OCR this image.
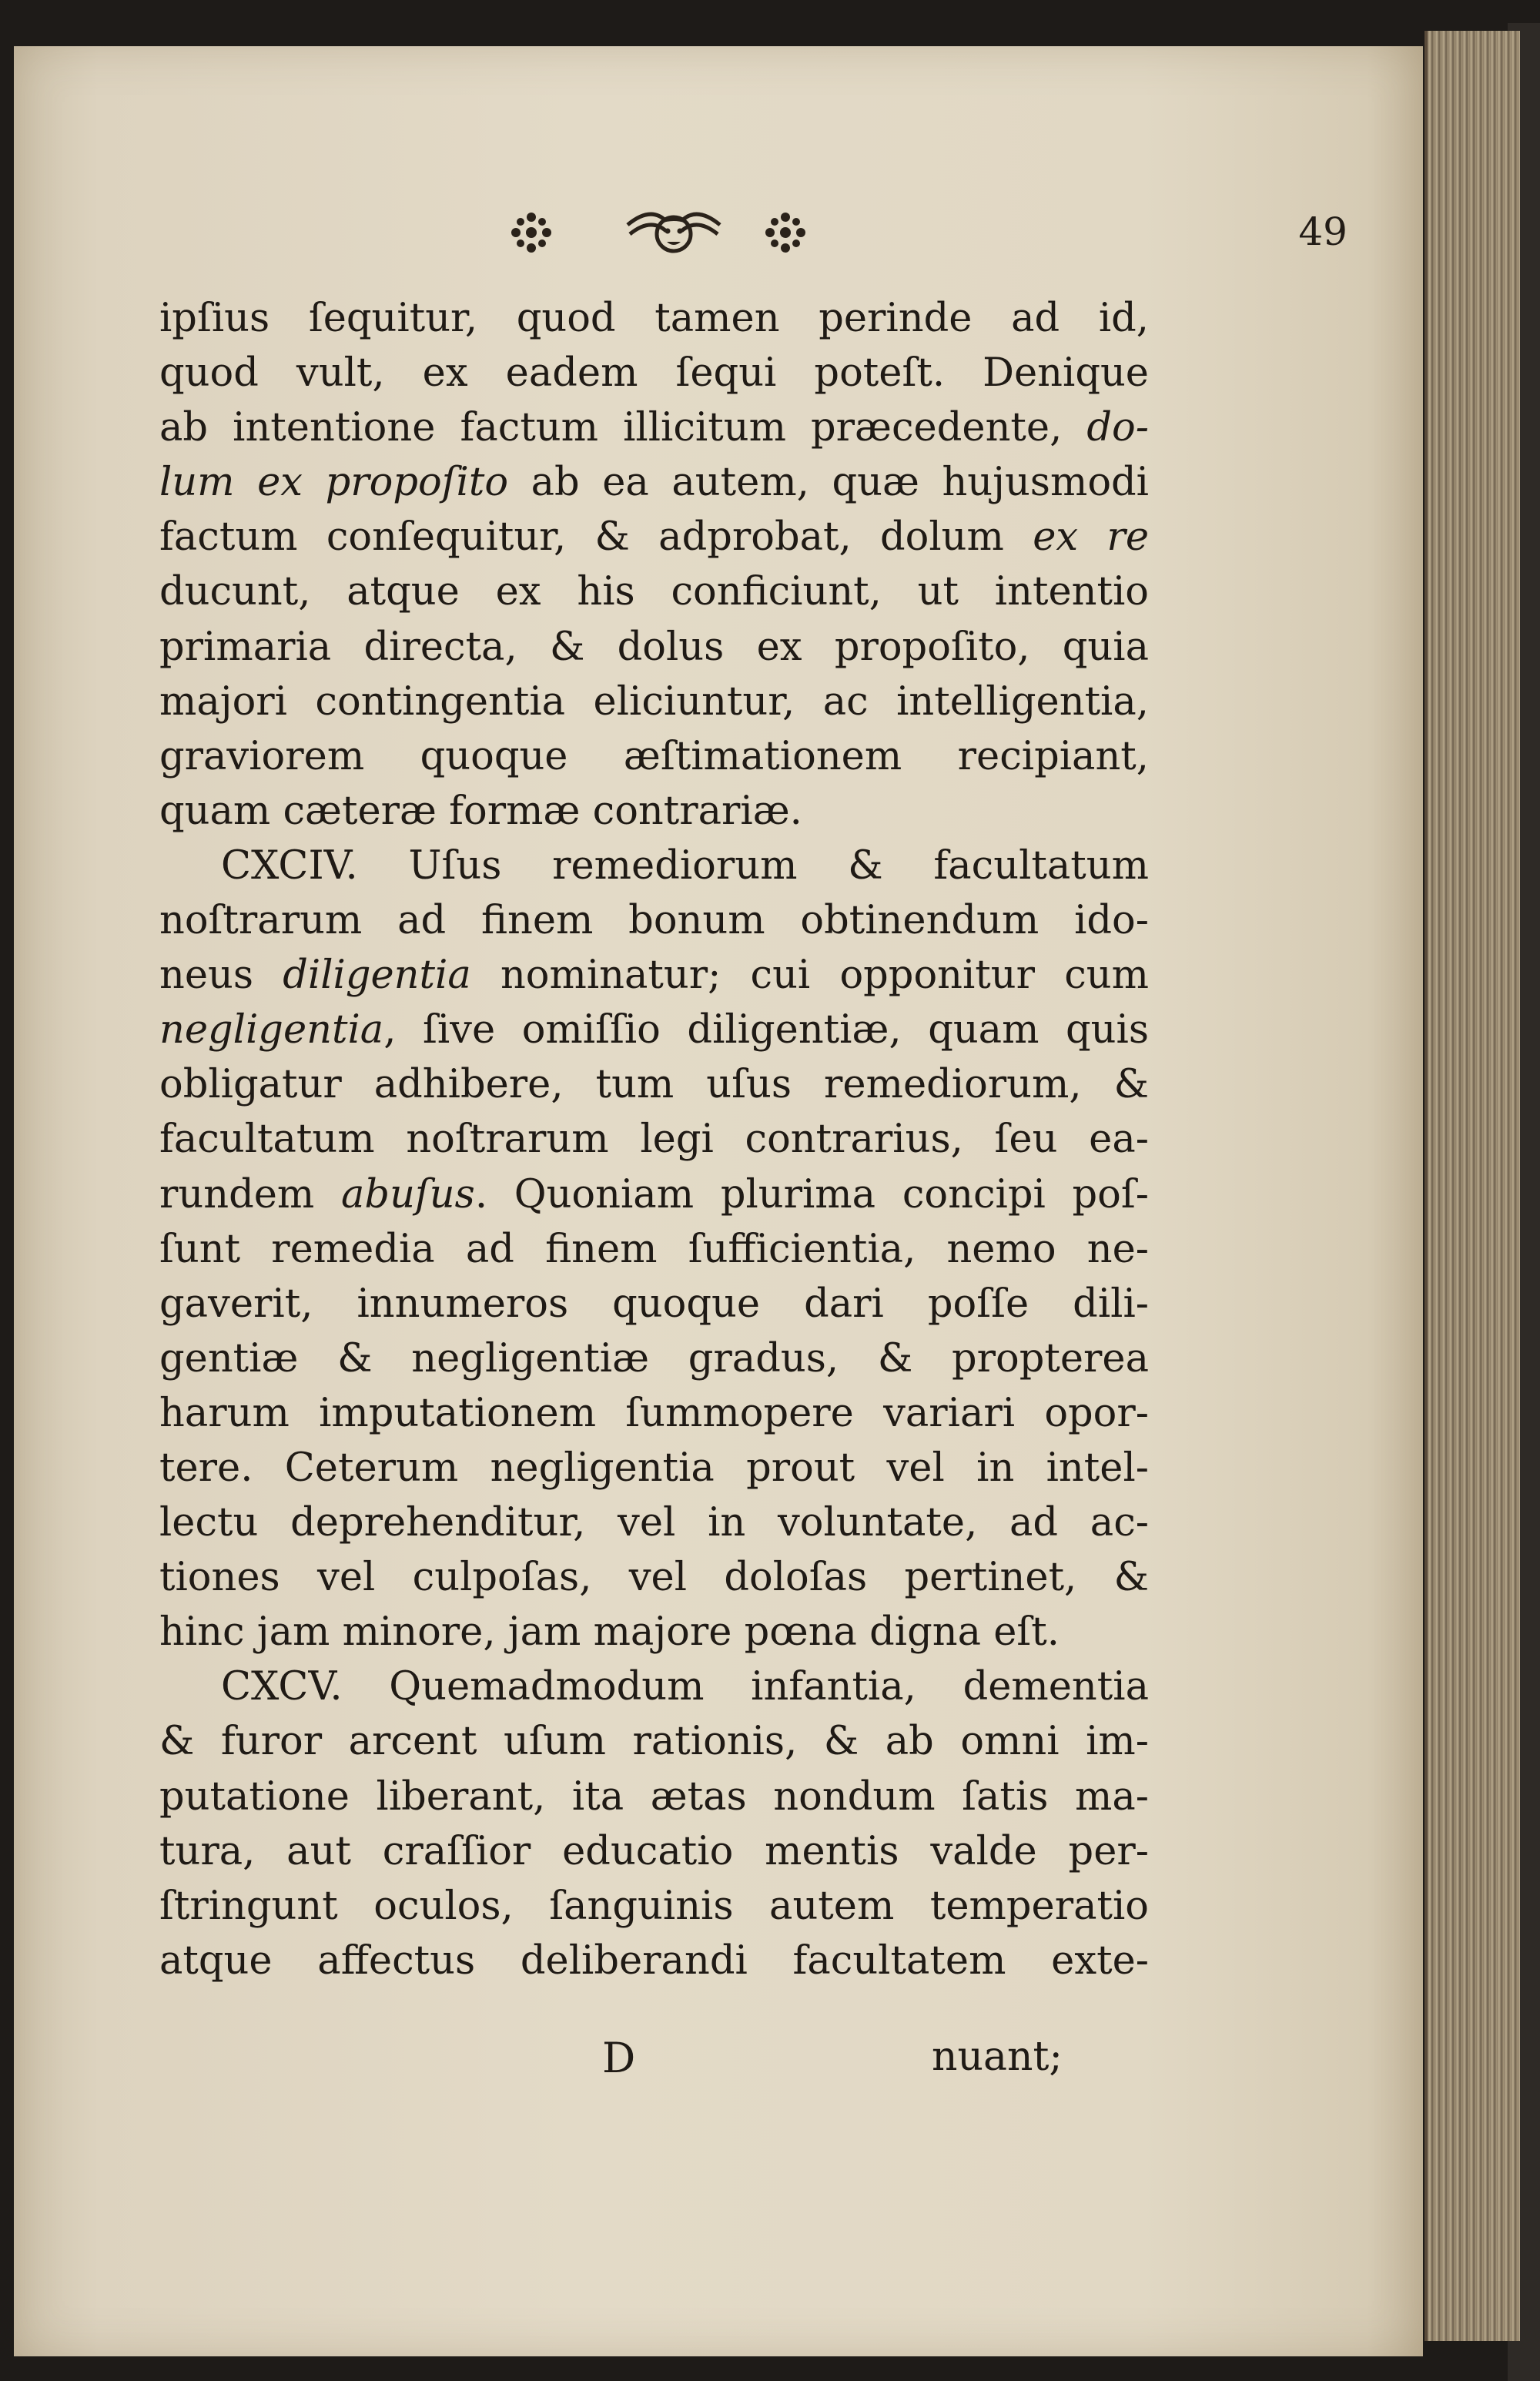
49
ipſius ſequitur, quod tamen perinde ad id,
quod vult, ex eadem ſequi poteſt. Denique
ab intentione factum illicitum præcedente, do-
lum ex propoſito ab ea autem, quæ hujusmodi
factum conſequitur, & adprobat, dolum ex re
ducunt, atque ex his conficiunt, ut intentio
primaria directa, & dolus ex propoſito, quia
majori contingentia eliciuntur, ac intelligentia,
graviorem quoque æſtimationem recipiant,
quam cæteræ formæ contrariæ.
CXCIV. Uſus remediorum & facultatum
noſtrarum ad finem bonum obtinendum ido-
neus diligentia nominatur; cui opponitur cum
negligentia, ſive omiſſio diligentiæ, quam quis
obligatur adhibere, tum uſus remediorum, &
facultatum noſtrarum legi contrarius, ſeu ea-
rundem abuſus. Quoniam plurima concipi poſ-
ſunt remedia ad finem ſufficientia, nemo ne-
gaverit, innumeros quoque dari poſſe dili-
gentiæ & negligentiæ gradus, & propterea
harum imputationem ſummopere variari opor-
tere. Ceterum negligentia prout vel in intel-
lectu deprehenditur, vel in voluntate, ad ac-
tiones vel culpoſas, vel doloſas pertinet, &
hinc jam minore, jam majore pœna digna eſt.
CXCV. Quemadmodum infantia, dementia
& furor arcent uſum rationis, & ab omni im-
putatione liberant, ita ætas nondum ſatis ma-
tura, aut craſſior educatio mentis valde per-
ſtringunt oculos, ſanguinis autem temperatio
atque affectus deliberandi facultatem exte-
D	nuant;
